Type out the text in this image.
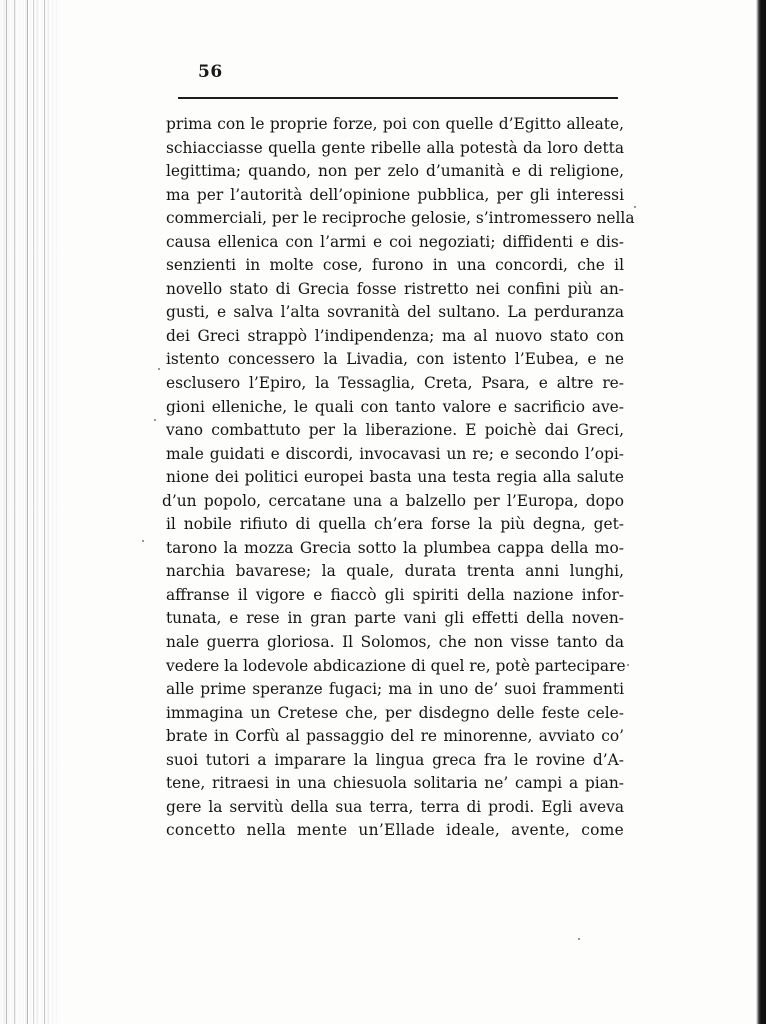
56
prima con le proprie forze, poi con quelle d’Egitto alleate,
schiacciasse quella gente ribelle alla potestà da loro detta
legittima; quando, non per zelo d’umanità e di religione,
ma per l’autorità dell’opinione pubblica, per gli interessi
commerciali, per le reciproche gelosie, s’intromessero nella
causa ellenica con l’armi e coi negoziati; diffidenti e dis-
senzienti in molte cose, furono in una concordi, che il
novello stato di Grecia fosse ristretto nei confini più an-
gusti, e salva l’alta sovranità del sultano. La perduranza
dei Greci strappò l’indipendenza; ma al nuovo stato con
istento concessero la Livadia, con istento l’Eubea, e ne
esclusero l’Epiro, la Tessaglia, Creta, Psara, e altre re-
gioni elleniche, le quali con tanto valore e sacrificio ave-
vano combattuto per la liberazione. E poichè dai Greci,
male guidati e discordi, invocavasi un re; e secondo l’opi-
nione dei politici europei basta una testa regia alla salute
d’un popolo, cercatane una a balzello per l’Europa, dopo
il nobile rifiuto di quella ch’era forse la più degna, get-
tarono la mozza Grecia sotto la plumbea cappa della mo-
narchia bavarese; la quale, durata trenta anni lunghi,
affranse il vigore e fiaccò gli spiriti della nazione infor-
tunata, e rese in gran parte vani gli effetti della noven-
nale guerra gloriosa. Il Solomos, che non visse tanto da
vedere la lodevole abdicazione di quel re, potè partecipare
alle prime speranze fugaci; ma in uno de’ suoi frammenti
immagina un Cretese che, per disdegno delle feste cele-
brate in Corfù al passaggio del re minorenne, avviato co’
suoi tutori a imparare la lingua greca fra le rovine d’A-
tene, ritraesi in una chiesuola solitaria ne’ campi a pian-
gere la servitù della sua terra, terra di prodi. Egli aveva
concetto nella mente un’Ellade ideale, avente, come
